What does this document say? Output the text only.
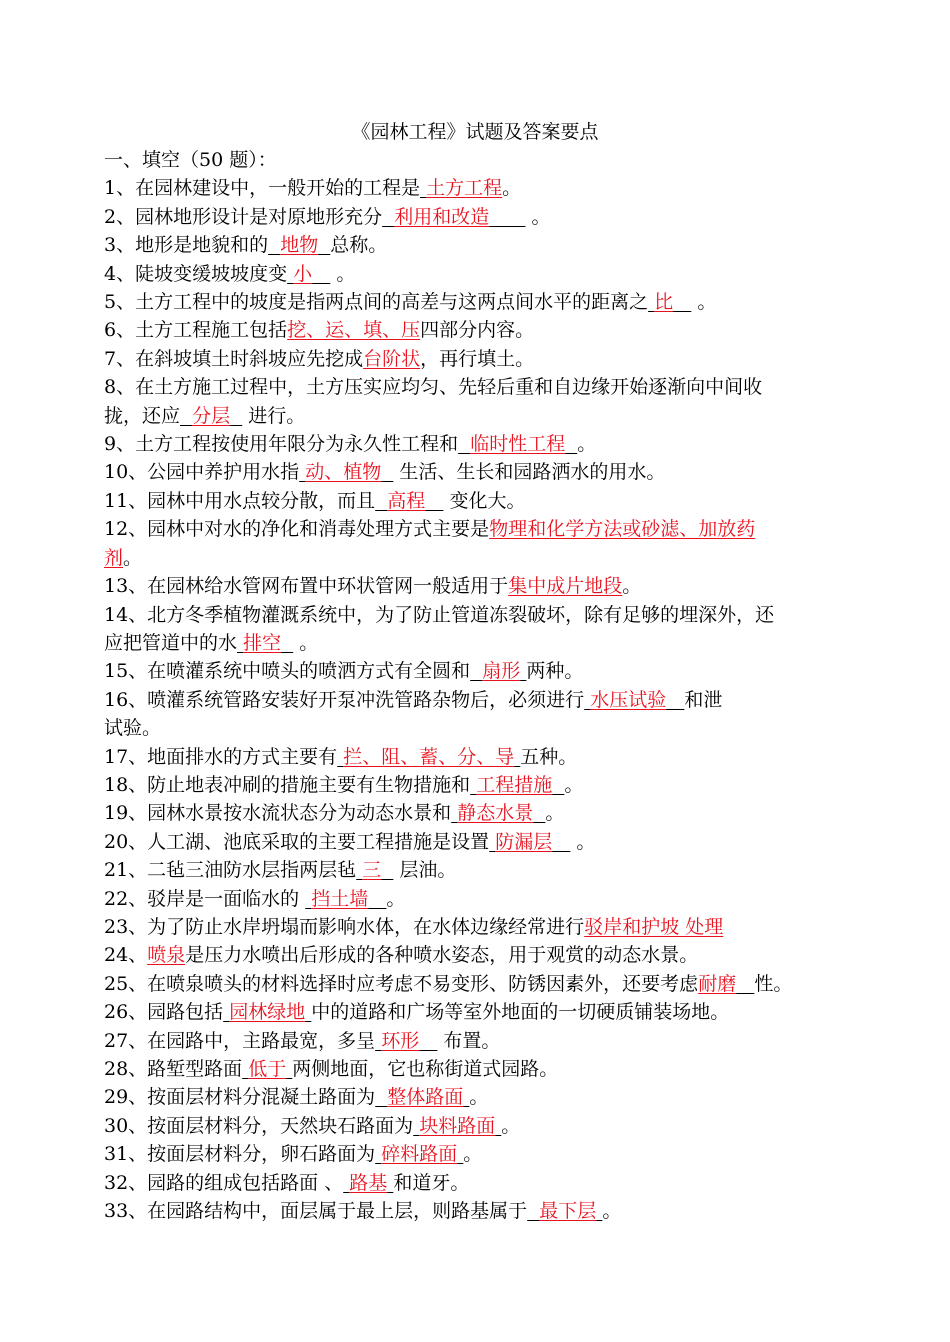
《园林工程》试题及答案要点
一、填空（50 题）：
1、在园林建设中，一般开始的工程是 土方工程。
2、园林地形设计是对原地形充分 利用和改造       。
3、地形是地貌和的 地物 总称。
4、陡坡变缓坡坡度变 小    。
5、土方工程中的坡度是指两点间的高差与这两点间水平的距离之 比    。
6、土方工程施工包括挖、运、填、压四部分内容。
7、在斜坡填土时斜坡应先挖成台阶状，再行填土。
8、在土方施工过程中，土方压实应均匀、先轻后重和自边缘开始逐渐向中间收
拢，还应 分层   进行。
9、土方工程按使用年限分为永久性工程和 临时性工程 。
10、公园中养护用水指 动、植物   生活、生长和园路洒水的用水。
11、园林中用水点较分散，而且 高程    变化大。
12、园林中对水的净化和消毒处理方式主要是物理和化学方法或砂滤、加放药
剂。
13、在园林给水管网布置中环状管网一般适用于集中成片地段。
14、北方冬季植物灌溉系统中，为了防止管道冻裂破坏，除有足够的埋深外，还
应把管道中的水 排空   。
15、在喷灌系统中喷头的喷洒方式有全圆和 扇形 两种。
16、喷灌系统管路安装好开泵冲洗管路杂物后，必须进行 水压试验 和泄
试验。
17、地面排水的方式主要有 拦、阻、蓄、分、导 五种。
18、防止地表冲刷的措施主要有生物措施和 工程措施 。
19、园林水景按水流状态分为动态水景和 静态水景 。
20、人工湖、池底采取的主要工程措施是设置 防漏层    。
21、二毡三油防水层指两层毡 三   层油。
22、驳岸是一面临水的  挡土墙 。
23、为了防止水岸坍塌而影响水体，在水体边缘经常进行驳岸和护坡 处理
24、喷泉是压力水喷出后形成的各种喷水姿态，用于观赏的动态水景。
25、在喷泉喷头的材料选择时应考虑不易变形、防锈因素外，还要考虑耐磨 性。
26、园路包括 园林绿地 中的道路和广场等室外地面的一切硬质铺装场地。
27、在园路中，主路最宽，多呈 环形    布置。
28、路堑型路面 低于 两侧地面，它也称街道式园路。
29、按面层材料分混凝土路面为 整体路面 。
30、按面层材料分，天然块石路面为 块料路面 。
31、按面层材料分，卵石路面为 碎料路面 。
32、园路的组成包括路面 、 路基 和道牙。
33、在园路结构中，面层属于最上层，则路基属于 最下层 。
